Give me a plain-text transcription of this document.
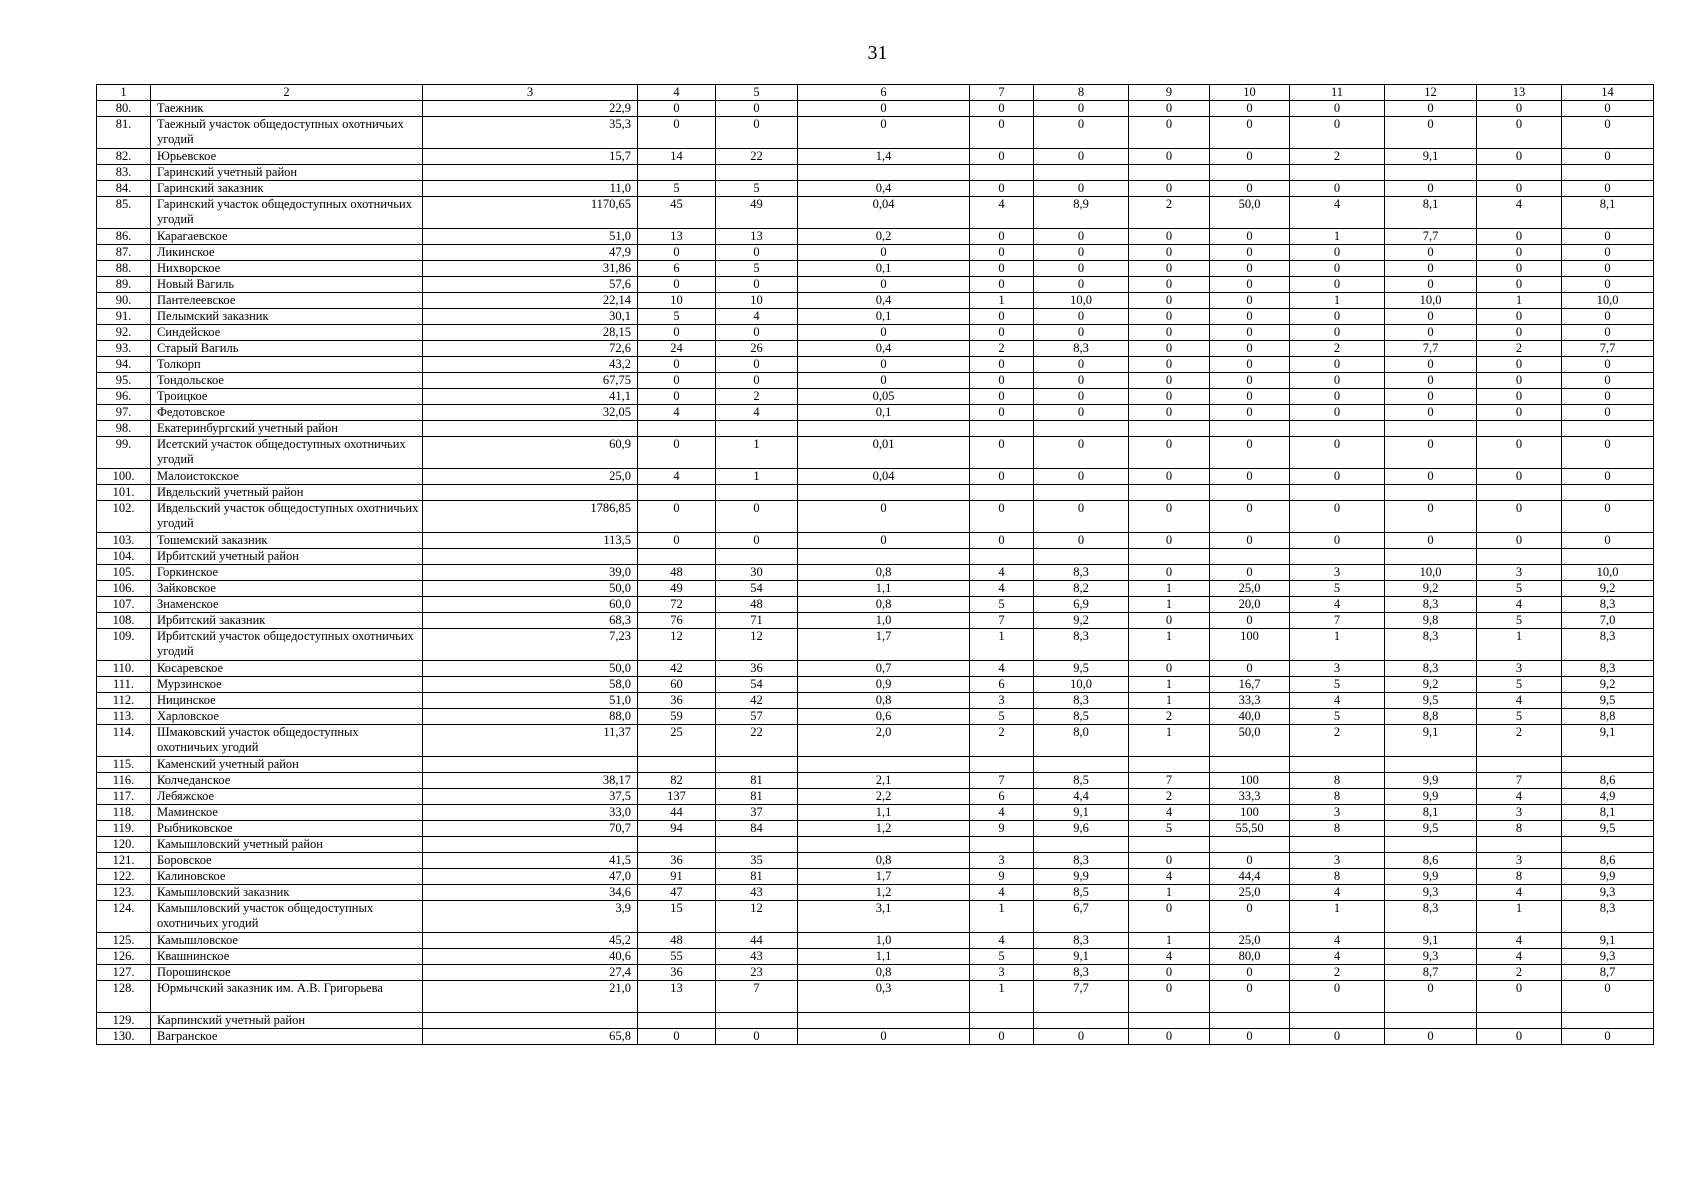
31
1	2	3	4	5	6	7	8	9	10	11	12	13	14
80.	Таежник	22,9	0	0	0	0	0	0	0	0	0	0	0
81.	Таежный участок общедоступных охотничьих угодий	35,3	0	0	0	0	0	0	0	0	0	0	0
82.	Юрьевское	15,7	14	22	1,4	0	0	0	0	2	9,1	0	0
83.	Гаринский учетный район												
84.	Гаринский заказник	11,0	5	5	0,4	0	0	0	0	0	0	0	0
85.	Гаринский участок общедоступных охотничьих угодий	1170,65	45	49	0,04	4	8,9	2	50,0	4	8,1	4	8,1
86.	Карагаевское	51,0	13	13	0,2	0	0	0	0	1	7,7	0	0
87.	Ликинское	47,9	0	0	0	0	0	0	0	0	0	0	0
88.	Нихворское	31,86	6	5	0,1	0	0	0	0	0	0	0	0
89.	Новый Вагиль	57,6	0	0	0	0	0	0	0	0	0	0	0
90.	Пантелеевское	22,14	10	10	0,4	1	10,0	0	0	1	10,0	1	10,0
91.	Пелымский заказник	30,1	5	4	0,1	0	0	0	0	0	0	0	0
92.	Синдейское	28,15	0	0	0	0	0	0	0	0	0	0	0
93.	Старый Вагиль	72,6	24	26	0,4	2	8,3	0	0	2	7,7	2	7,7
94.	Толкорп	43,2	0	0	0	0	0	0	0	0	0	0	0
95.	Тондольское	67,75	0	0	0	0	0	0	0	0	0	0	0
96.	Троицкое	41,1	0	2	0,05	0	0	0	0	0	0	0	0
97.	Федотовское	32,05	4	4	0,1	0	0	0	0	0	0	0	0
98.	Екатеринбургский учетный район												
99.	Исетский участок общедоступных охотничьих угодий	60,9	0	1	0,01	0	0	0	0	0	0	0	0
100.	Малоистокское	25,0	4	1	0,04	0	0	0	0	0	0	0	0
101.	Ивдельский учетный район												
102.	Ивдельский участок общедоступных охотничьих угодий	1786,85	0	0	0	0	0	0	0	0	0	0	0
103.	Тошемский заказник	113,5	0	0	0	0	0	0	0	0	0	0	0
104.	Ирбитский учетный район												
105.	Горкинское	39,0	48	30	0,8	4	8,3	0	0	3	10,0	3	10,0
106.	Зайковское	50,0	49	54	1,1	4	8,2	1	25,0	5	9,2	5	9,2
107.	Знаменское	60,0	72	48	0,8	5	6,9	1	20,0	4	8,3	4	8,3
108.	Ирбитский заказник	68,3	76	71	1,0	7	9,2	0	0	7	9,8	5	7,0
109.	Ирбитский участок общедоступных охотничьих угодий	7,23	12	12	1,7	1	8,3	1	100	1	8,3	1	8,3
110.	Косаревское	50,0	42	36	0,7	4	9,5	0	0	3	8,3	3	8,3
111.	Мурзинское	58,0	60	54	0,9	6	10,0	1	16,7	5	9,2	5	9,2
112.	Ницинское	51,0	36	42	0,8	3	8,3	1	33,3	4	9,5	4	9,5
113.	Харловское	88,0	59	57	0,6	5	8,5	2	40,0	5	8,8	5	8,8
114.	Шмаковский участок общедоступных охотничьих угодий	11,37	25	22	2,0	2	8,0	1	50,0	2	9,1	2	9,1
115.	Каменский учетный район												
116.	Колчеданское	38,17	82	81	2,1	7	8,5	7	100	8	9,9	7	8,6
117.	Лебяжское	37,5	137	81	2,2	6	4,4	2	33,3	8	9,9	4	4,9
118.	Маминское	33,0	44	37	1,1	4	9,1	4	100	3	8,1	3	8,1
119.	Рыбниковское	70,7	94	84	1,2	9	9,6	5	55,50	8	9,5	8	9,5
120.	Камышловский учетный район												
121.	Боровское	41,5	36	35	0,8	3	8,3	0	0	3	8,6	3	8,6
122.	Калиновское	47,0	91	81	1,7	9	9,9	4	44,4	8	9,9	8	9,9
123.	Камышловский заказник	34,6	47	43	1,2	4	8,5	1	25,0	4	9,3	4	9,3
124.	Камышловский участок общедоступных охотничьих угодий	3,9	15	12	3,1	1	6,7	0	0	1	8,3	1	8,3
125.	Камышловское	45,2	48	44	1,0	4	8,3	1	25,0	4	9,1	4	9,1
126.	Квашнинское	40,6	55	43	1,1	5	9,1	4	80,0	4	9,3	4	9,3
127.	Порошинское	27,4	36	23	0,8	3	8,3	0	0	2	8,7	2	8,7
128.	Юрмычский заказник им. А.В. Григорьева	21,0	13	7	0,3	1	7,7	0	0	0	0	0	0
129.	Карпинский учетный район												
130.	Вагранское	65,8	0	0	0	0	0	0	0	0	0	0	0
